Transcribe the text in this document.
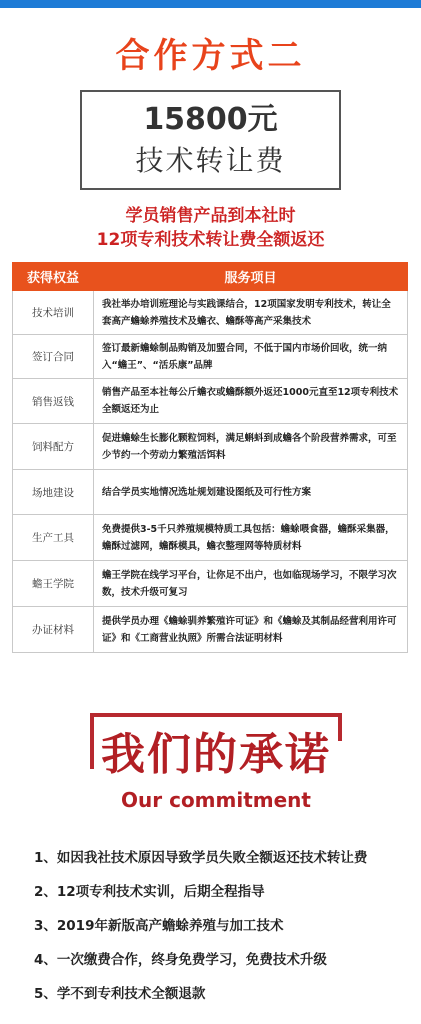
合作方式二
15800元
技术转让费
学员销售产品到本社时
12项专利技术转让费全额返还
获得权益	服务项目
技术培训	我社举办培训班理论与实践课结合，12项国家发明专利技术，转让全套高产蟾蜍养殖技术及蟾衣、蟾酥等高产采集技术
签订合同	签订最新蟾蜍制品购销及加盟合同，不低于国内市场价回收，统一纳入“蟾王”、“活乐康”品牌
销售返钱	销售产品至本社每公斤蟾衣或蟾酥额外返还1000元直至12项专利技术全额返还为止
饲料配方	促进蟾蜍生长膨化颗粒饲料，满足蝌蚪到成蟾各个阶段营养需求，可至少节约一个劳动力繁殖活饵料
场地建设	结合学员实地情况选址规划建设图纸及可行性方案
生产工具	免费提供3-5千只养殖规模特质工具包括：蟾蜍喂食器，蟾酥采集器，蟾酥过滤网，蟾酥模具，蟾衣整理网等特质材料
蟾王学院	蟾王学院在线学习平台，让你足不出户，也如临现场学习，不限学习次数，技术升级可复习
办证材料	提供学员办理《蟾蜍驯养繁殖许可证》和《蟾蜍及其制品经营利用许可证》和《工商营业执照》所需合法证明材料
我们的承诺
Our commitment
1、如因我社技术原因导致学员失败全额返还技术转让费
2、12项专利技术实训，后期全程指导
3、2019年新版高产蟾蜍养殖与加工技术
4、一次缴费合作，终身免费学习，免费技术升级
5、学不到专利技术全额退款
